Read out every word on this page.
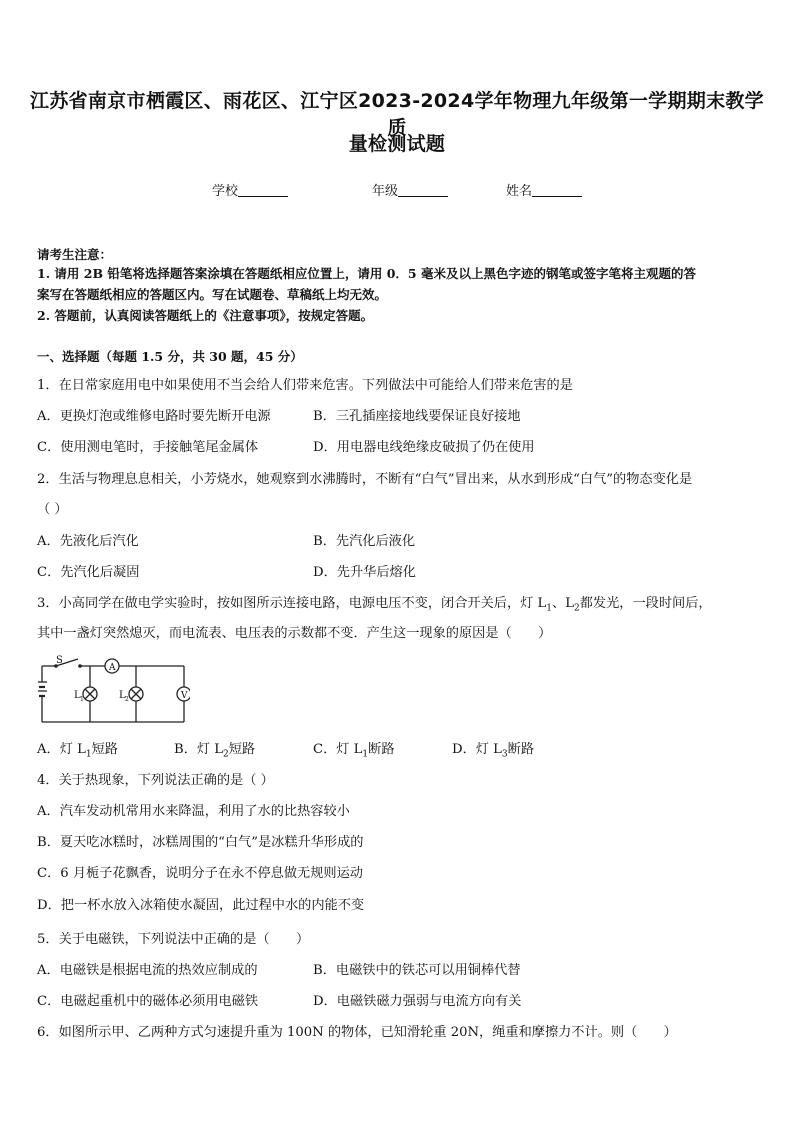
江苏省南京市栖霞区、雨花区、江宁区2023-2024学年物理九年级第一学期期末教学质
量检测试题
学校	年级	姓名
请考生注意：
1. 请用 2B 铅笔将选择题答案涂填在答题纸相应位置上，请用 0．5 毫米及以上黑色字迹的钢笔或签字笔将主观题的答
案写在答题纸相应的答题区内。写在试题卷、草稿纸上均无效。
2. 答题前，认真阅读答题纸上的《注意事项》，按规定答题。
一、选择题（每题 1.5 分，共 30 题，45 分）
1．在日常家庭用电中如果使用不当会给人们带来危害。下列做法中可能给人们带来危害的是
A．更换灯泡或维修电路时要先断开电源	B．三孔插座接地线要保证良好接地
C．使用测电笔时，手接触笔尾金属体	D．用电器电线绝缘皮破损了仍在使用
2．生活与物理息息相关，小芳烧水，她观察到水沸腾时，不断有“白气”冒出来，从水到形成“白气”的物态变化是
（ ）
A．先液化后汽化	B．先汽化后液化
C．先汽化后凝固	D．先升华后熔化
3．小高同学在做电学实验时，按如图所示连接电路，电源电压不变，闭合开关后，灯 $L_1$、$L_2$都发光，一段时间后，
其中一盏灯突然熄灭，而电流表、电压表的示数都不变．产生这一现象的原因是（　　）
S
A
V
L 1	L 2
A．灯 $L_1$短路	B．灯 $L_2$短路	C．灯 $L_1$断路	D．灯 $L_3$断路
4．关于热现象，下列说法正确的是（ ）
A．汽车发动机常用水来降温，利用了水的比热容较小
B．夏天吃冰糕时，冰糕周围的“白气”是冰糕升华形成的
C．6 月栀子花飘香，说明分子在永不停息做无规则运动
D．把一杯水放入冰箱使水凝固，此过程中水的内能不变
5．关于电磁铁，下列说法中正确的是（　　）
A．电磁铁是根据电流的热效应制成的	B．电磁铁中的铁芯可以用铜棒代替
C．电磁起重机中的磁体必须用电磁铁	D．电磁铁磁力强弱与电流方向有关
6．如图所示甲、乙两种方式匀速提升重为 100N 的物体，已知滑轮重 20N，绳重和摩擦力不计。则（　　）
